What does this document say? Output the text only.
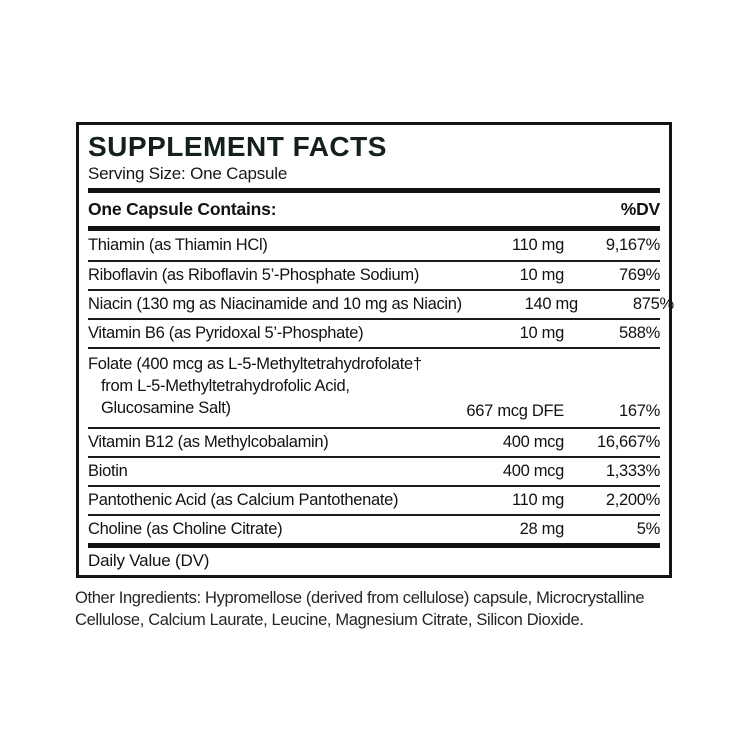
SUPPLEMENT FACTS
Serving Size: One Capsule
One Capsule Contains:	%DV
Thiamin (as Thiamin HCl)	110 mg	9,167%
Riboflavin (as Riboflavin 5’-Phosphate Sodium)	10 mg	769%
Niacin (130 mg as Niacinamide and 10 mg as Niacin)	140 mg	875%
Vitamin B6 (as Pyridoxal 5’-Phosphate)	10 mg	588%
Folate (400 mcg as L-5-Methyltetrahydrofolate†
from L-5-Methyltetrahydrofolic Acid,
Glucosamine Salt)	667 mcg DFE	167%
Vitamin B12 (as Methylcobalamin)	400 mcg	16,667%
Biotin	400 mcg	1,333%
Pantothenic Acid (as Calcium Pantothenate)	110 mg	2,200%
Choline (as Choline Citrate)	28 mg	5%
Daily Value (DV)
Other Ingredients: Hypromellose (derived from cellulose) capsule, Microcrystalline
Cellulose, Calcium Laurate, Leucine, Magnesium Citrate, Silicon Dioxide.
